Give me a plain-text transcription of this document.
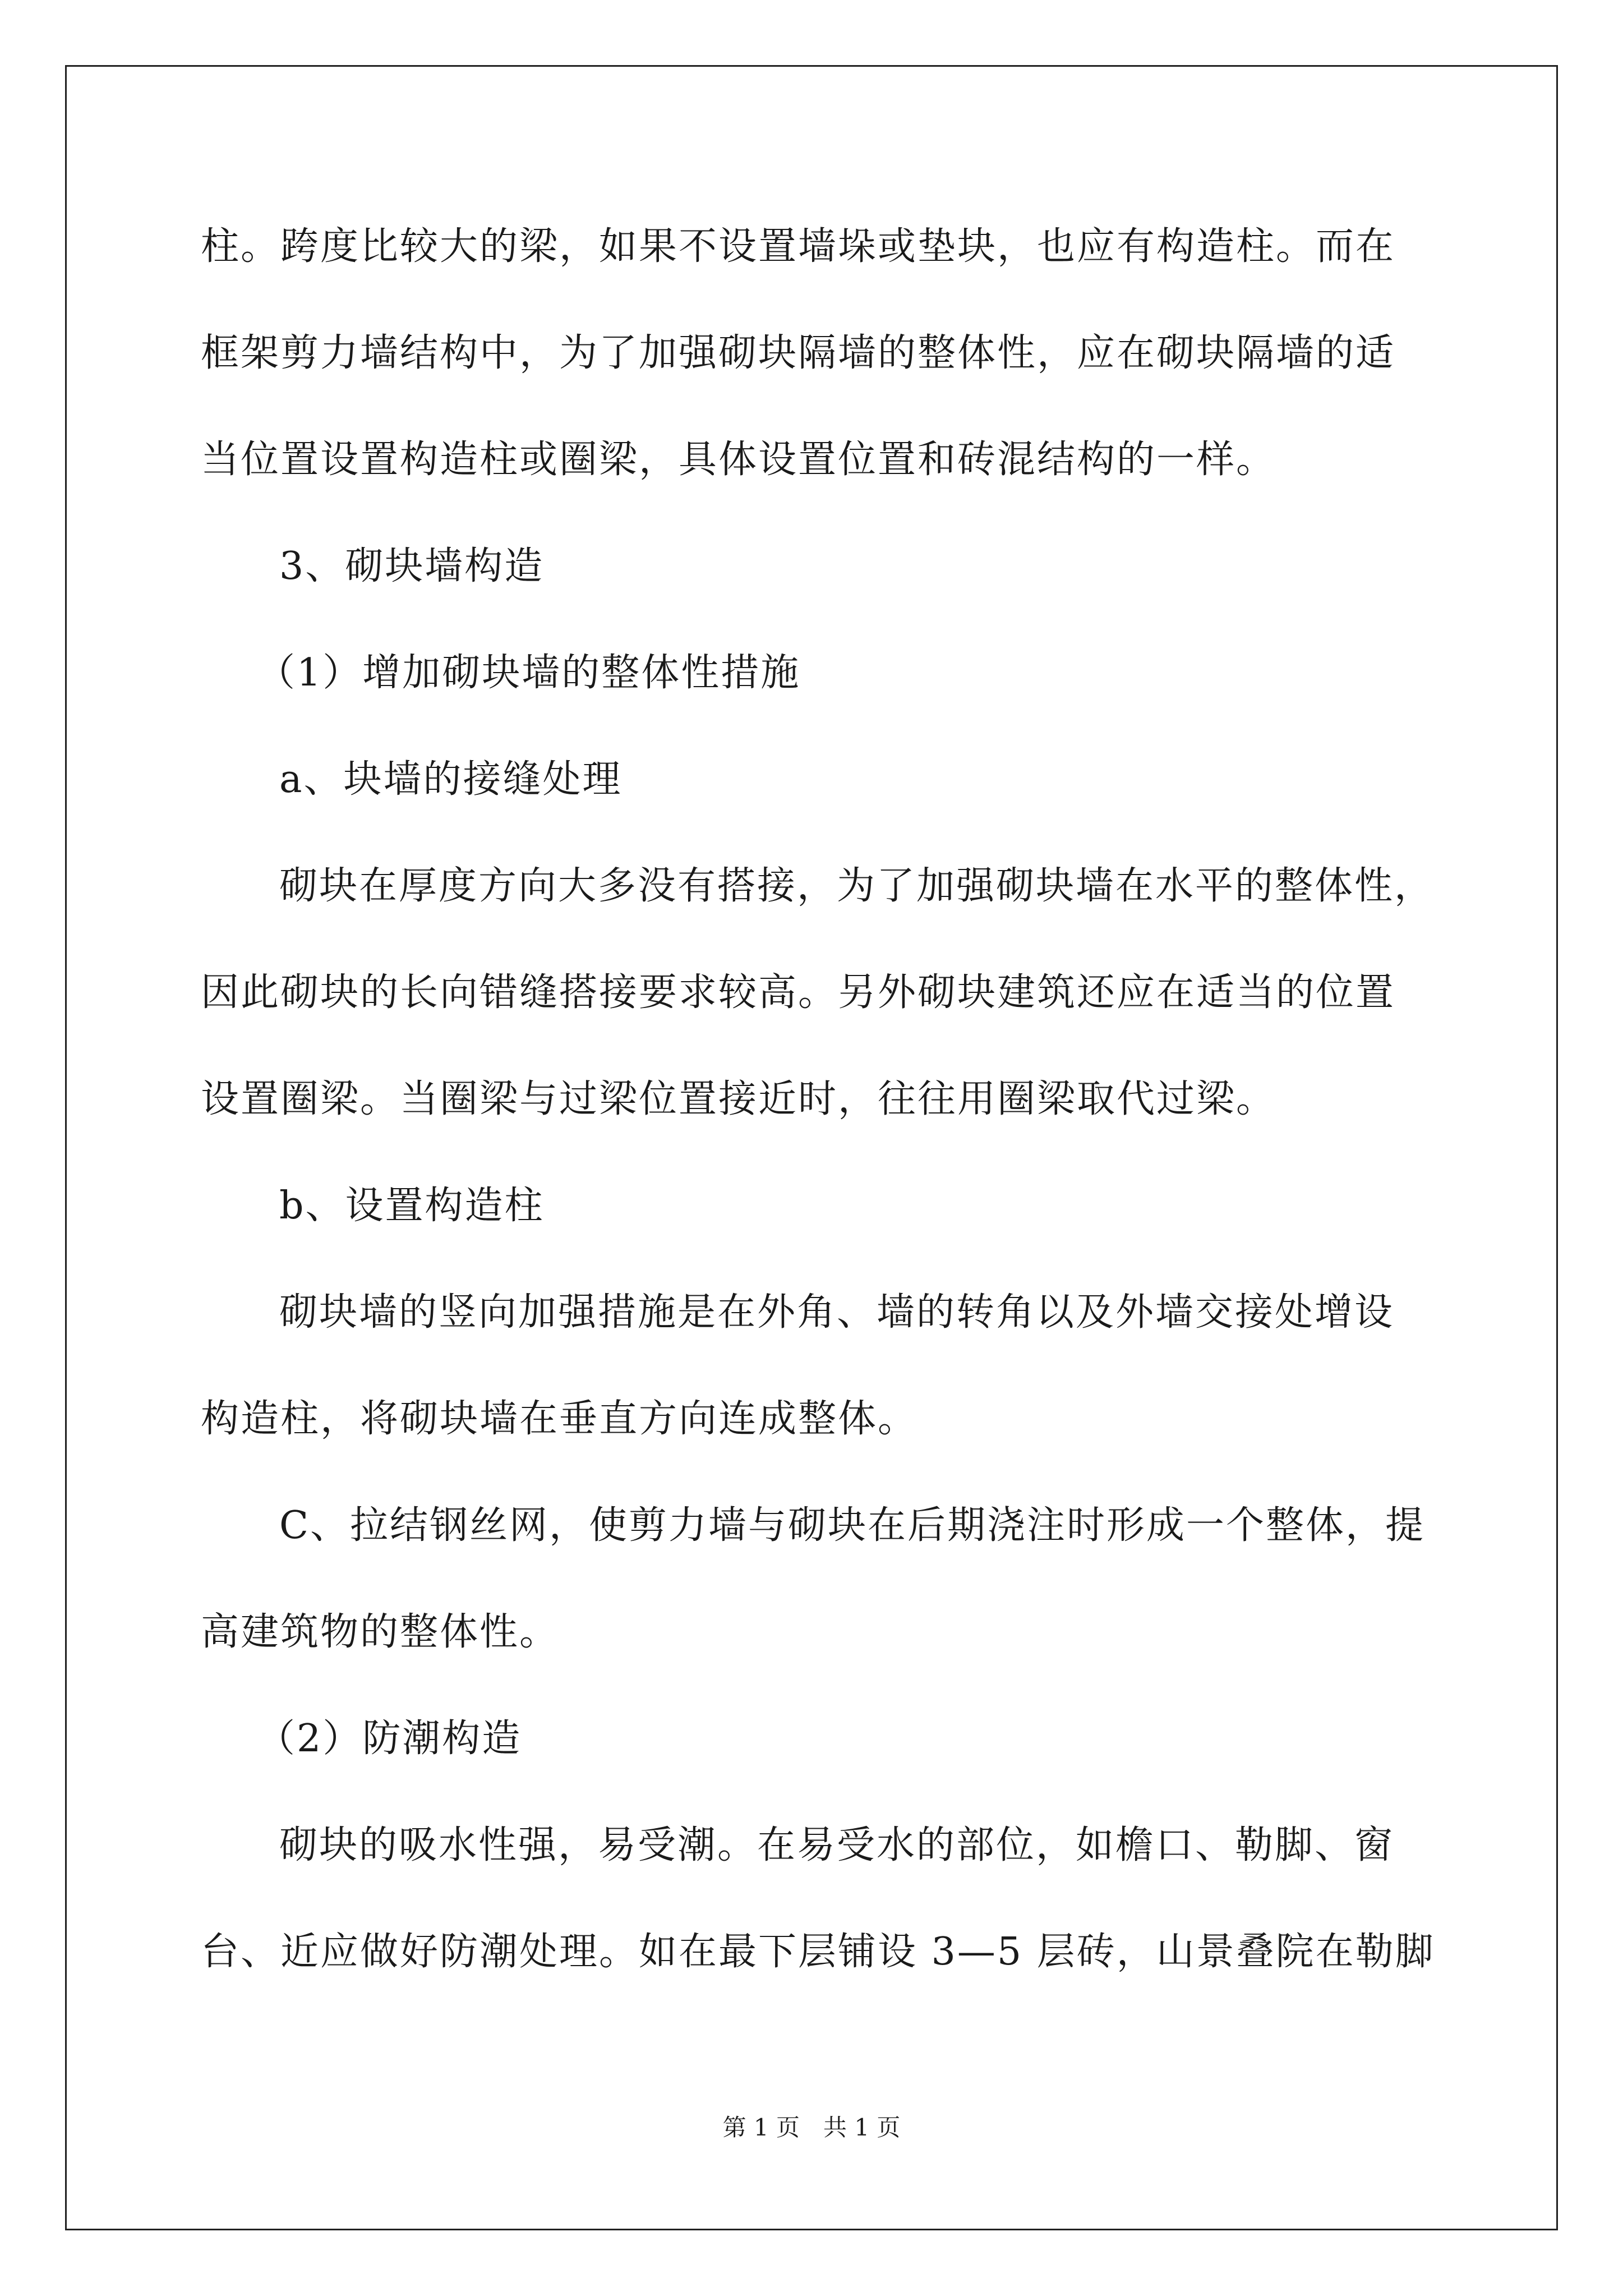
柱。跨度比较大的梁，如果不设置墙垛或垫块，也应有构造柱。而在
框架剪力墙结构中，为了加强砌块隔墙的整体性，应在砌块隔墙的适
当位置设置构造柱或圈梁，具体设置位置和砖混结构的一样。
3、砌块墙构造
（1）增加砌块墙的整体性措施
a、块墙的接缝处理
砌块在厚度方向大多没有搭接，为了加强砌块墙在水平的整体性，
因此砌块的长向错缝搭接要求较高。另外砌块建筑还应在适当的位置
设置圈梁。当圈梁与过梁位置接近时，往往用圈梁取代过梁。
b、设置构造柱
砌块墙的竖向加强措施是在外角、墙的转角以及外墙交接处增设
构造柱，将砌块墙在垂直方向连成整体。
C、拉结钢丝网，使剪力墙与砌块在后期浇注时形成一个整体，提
高建筑物的整体性。
（2）防潮构造
砌块的吸水性强，易受潮。在易受水的部位，如檐口、勒脚、窗
台、近应做好防潮处理。如在最下层铺设 3—5 层砖，山景叠院在勒脚
第 1 页　共 1 页
